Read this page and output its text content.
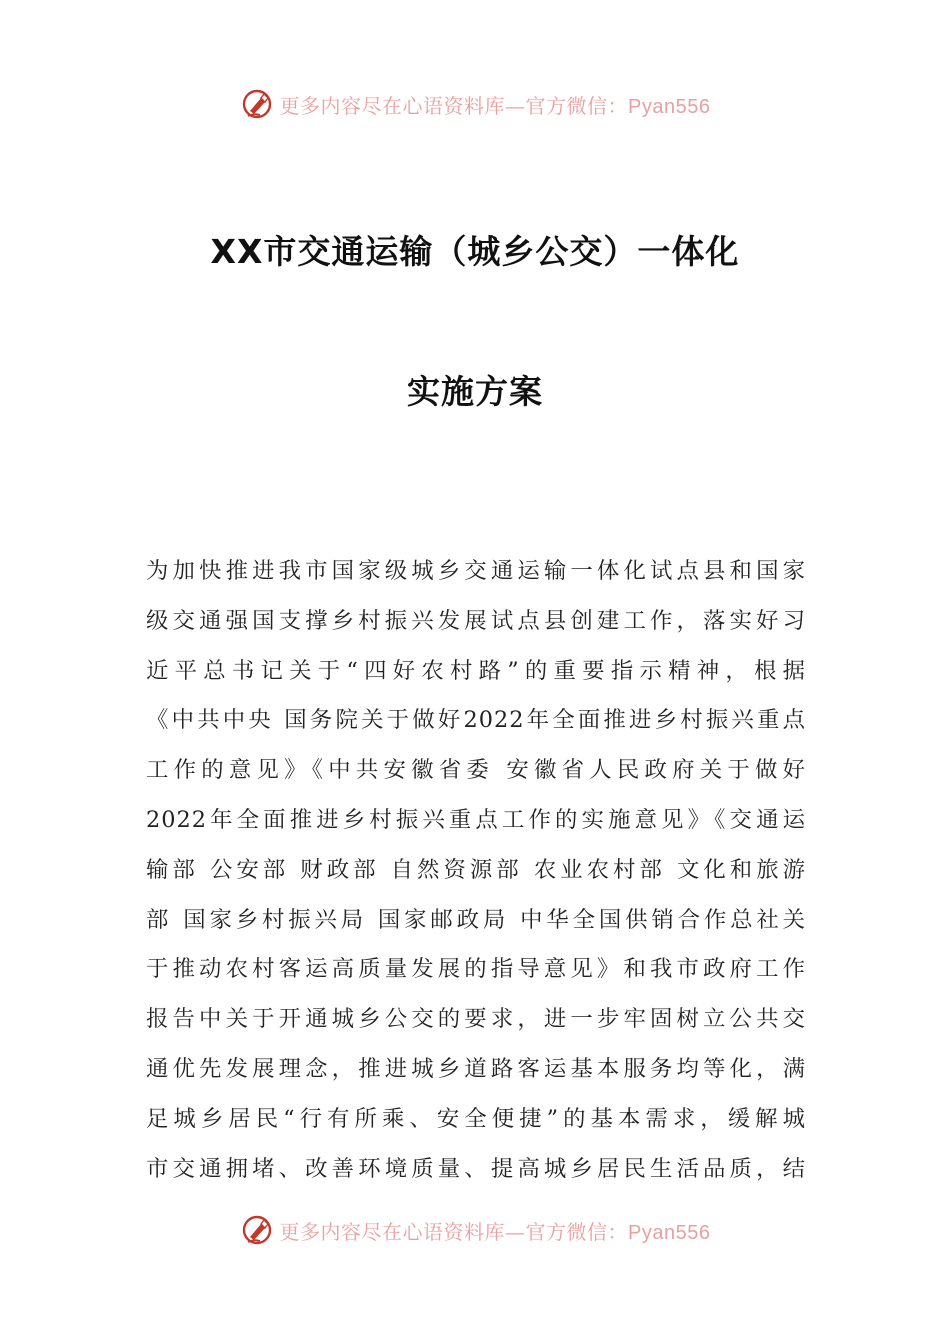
更多内容尽在心语资料库—官方微信：Pyan556
XX市交通运输（城乡公交）一体化
实施方案
为加快推进我市国家级城乡交通运输一体化试点县和国家
级交通强国支撑乡村振兴发展试点县创建工作，落实好习
近平总书记关于“四好农村路”的重要指示精神，根据
《中共中央 国务院关于做好2022年全面推进乡村振兴重点
工作的意见》《中共安徽省委 安徽省人民政府关于做好
2022年全面推进乡村振兴重点工作的实施意见》《交通运
输部 公安部 财政部 自然资源部 农业农村部 文化和旅游
部 国家乡村振兴局 国家邮政局 中华全国供销合作总社关
于推动农村客运高质量发展的指导意见》和我市政府工作
报告中关于开通城乡公交的要求，进一步牢固树立公共交
通优先发展理念，推进城乡道路客运基本服务均等化，满
足城乡居民“行有所乘、安全便捷”的基本需求，缓解城
市交通拥堵、改善环境质量、提高城乡居民生活品质，结
更多内容尽在心语资料库—官方微信：Pyan556
